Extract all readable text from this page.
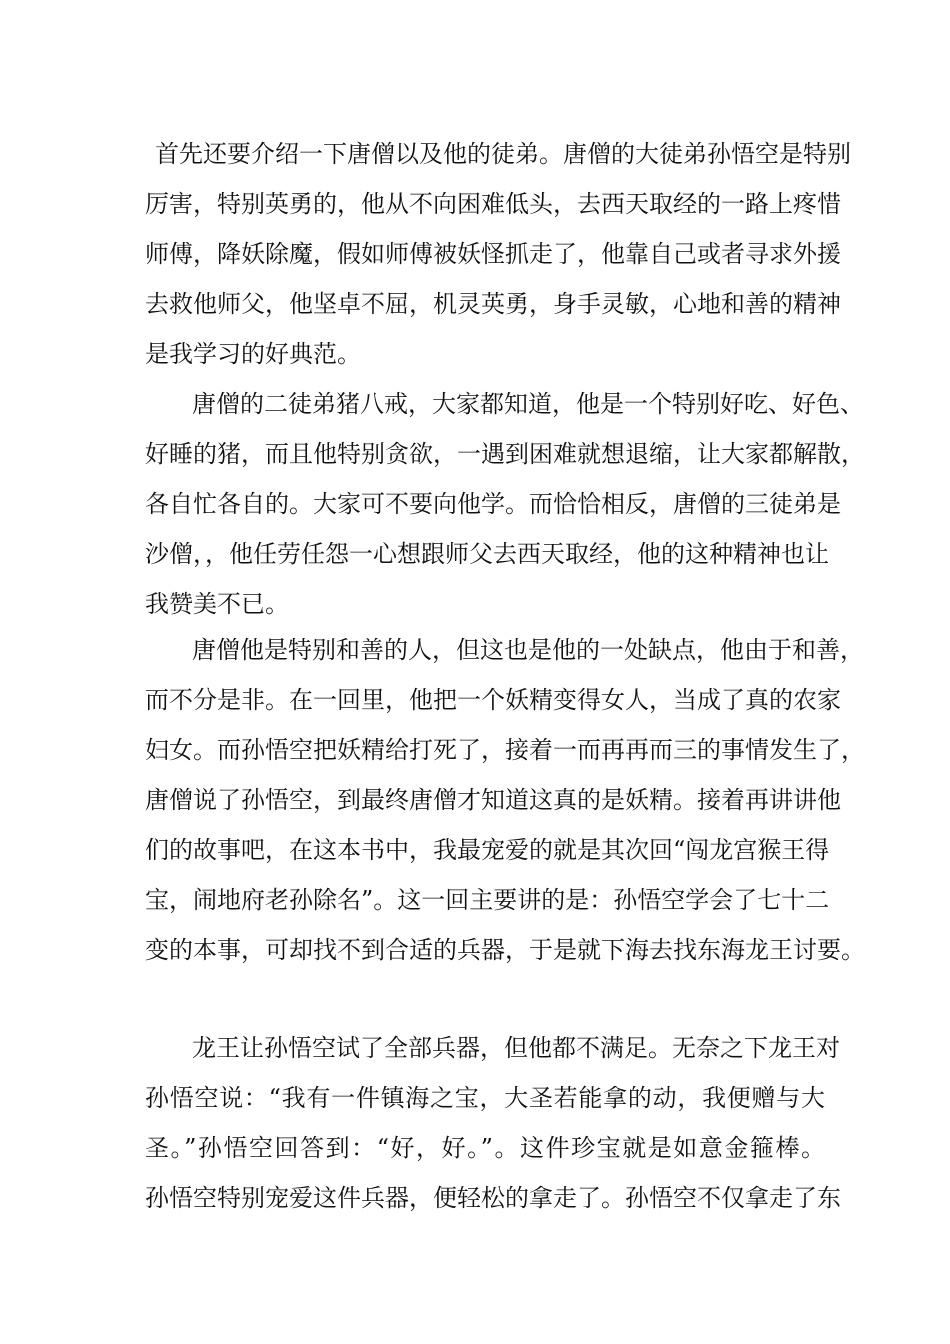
首先还要介绍一下唐僧以及他的徒弟。唐僧的大徒弟孙悟空是特别
厉害，特别英勇的，他从不向困难低头，去西天取经的一路上疼惜
师傅，降妖除魔，假如师傅被妖怪抓走了，他靠自己或者寻求外援
去救他师父，他坚卓不屈，机灵英勇，身手灵敏，心地和善的精神
是我学习的好典范。
唐僧的二徒弟猪八戒，大家都知道，他是一个特别好吃、好色、
好睡的猪，而且他特别贪欲，一遇到困难就想退缩，让大家都解散，
各自忙各自的。大家可不要向他学。而恰恰相反，唐僧的三徒弟是
沙僧，，他任劳任怨一心想跟师父去西天取经，他的这种精神也让
我赞美不已。
唐僧他是特别和善的人，但这也是他的一处缺点，他由于和善，
而不分是非。在一回里，他把一个妖精变得女人，当成了真的农家
妇女。而孙悟空把妖精给打死了，接着一而再再而三的事情发生了，
唐僧说了孙悟空，到最终唐僧才知道这真的是妖精。接着再讲讲他
们的故事吧，在这本书中，我最宠爱的就是其次回“闯龙宫猴王得
宝，闹地府老孙除名”。这一回主要讲的是：孙悟空学会了七十二
变的本事，可却找不到合适的兵器，于是就下海去找东海龙王讨要。
龙王让孙悟空试了全部兵器，但他都不满足。无奈之下龙王对
孙悟空说：“我有一件镇海之宝，大圣若能拿的动，我便赠与大
圣。”孙悟空回答到：“好，好。”。这件珍宝就是如意金箍棒。
孙悟空特别宠爱这件兵器，便轻松的拿走了。孙悟空不仅拿走了东
